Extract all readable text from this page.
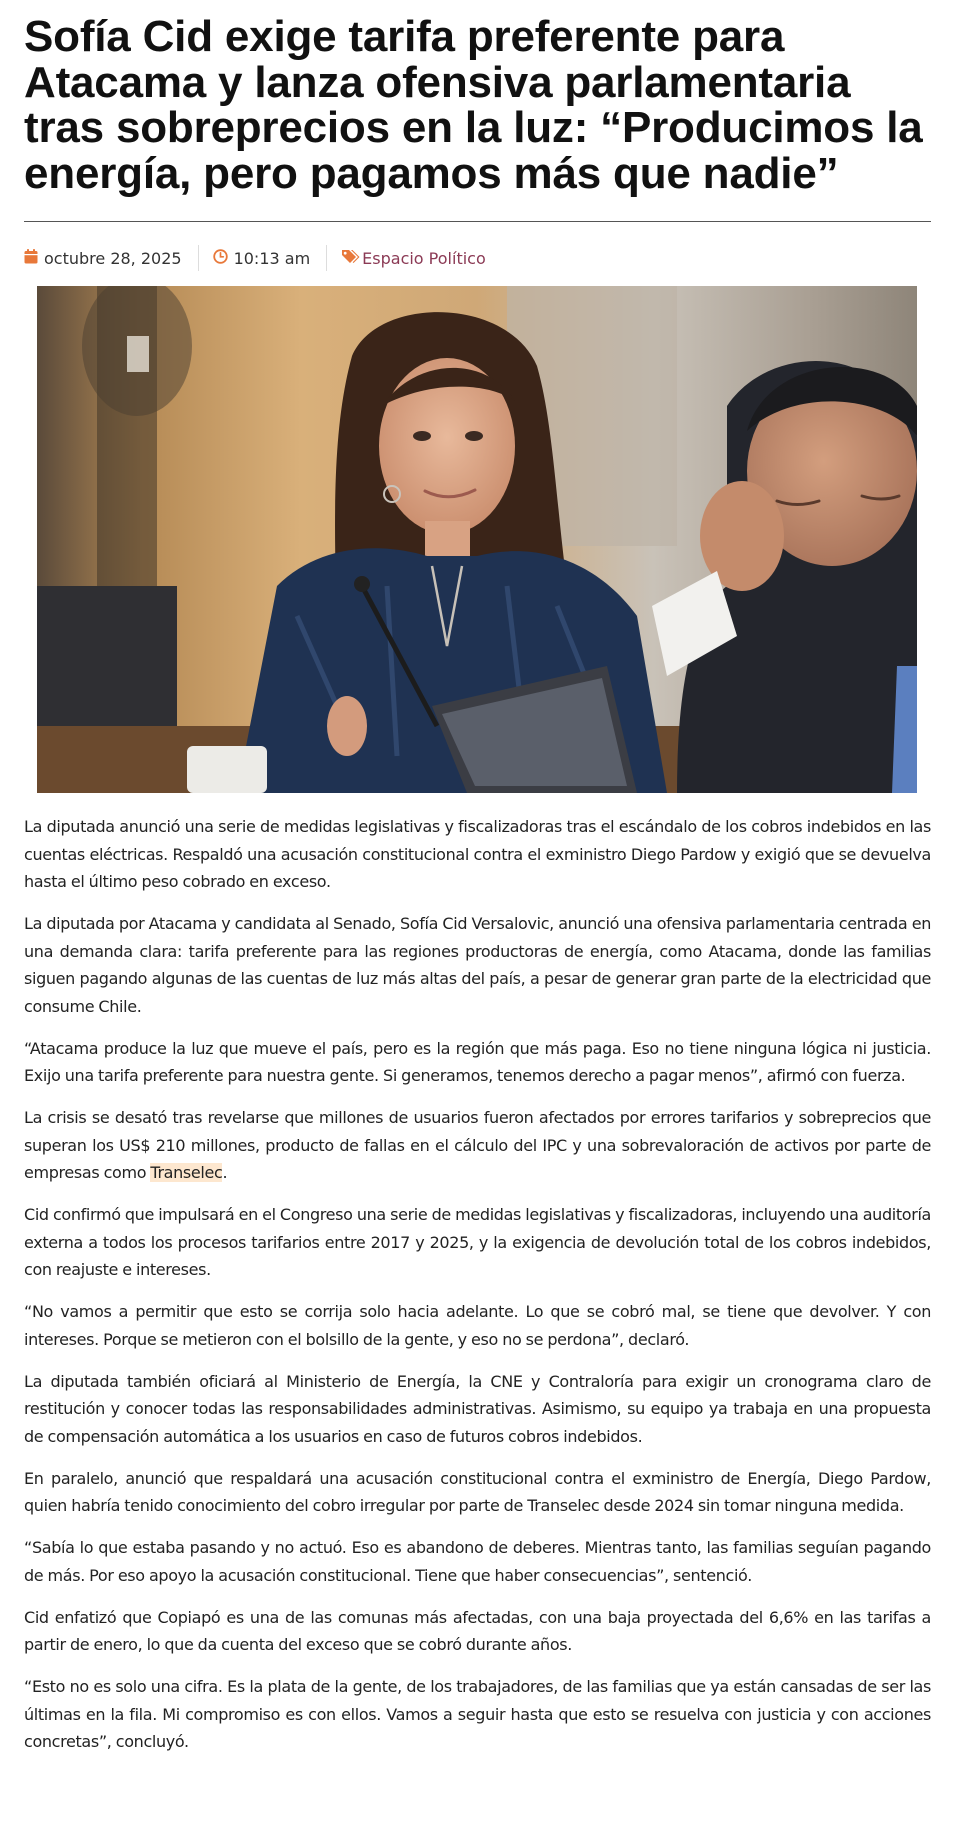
Sofía Cid exige tarifa preferente para Atacama y lanza ofensiva parlamentaria tras sobreprecios en la luz: “Producimos la energía, pero pagamos más que nadie”
octubre 28, 2025	10:13 am	Espacio Político

La diputada anunció una serie de medidas legislativas y fiscalizadoras tras el escándalo de los cobros indebidos en las cuentas eléctricas. Respaldó una acusación constitucional contra el exministro Diego Pardow y exigió que se devuelva hasta el último peso cobrado en exceso.

La diputada por Atacama y candidata al Senado, Sofía Cid Versalovic, anunció una ofensiva parlamentaria centrada en una demanda clara: tarifa preferente para las regiones productoras de energía, como Atacama, donde las familias siguen pagando algunas de las cuentas de luz más altas del país, a pesar de generar gran parte de la electricidad que consume Chile.

“Atacama produce la luz que mueve el país, pero es la región que más paga. Eso no tiene ninguna lógica ni justicia. Exijo una tarifa preferente para nuestra gente. Si generamos, tenemos derecho a pagar menos”, afirmó con fuerza.

La crisis se desató tras revelarse que millones de usuarios fueron afectados por errores tarifarios y sobreprecios que superan los US$ 210 millones, producto de fallas en el cálculo del IPC y una sobrevaloración de activos por parte de empresas como Transelec.

Cid confirmó que impulsará en el Congreso una serie de medidas legislativas y fiscalizadoras, incluyendo una auditoría externa a todos los procesos tarifarios entre 2017 y 2025, y la exigencia de devolución total de los cobros indebidos, con reajuste e intereses.

“No vamos a permitir que esto se corrija solo hacia adelante. Lo que se cobró mal, se tiene que devolver. Y con intereses. Porque se metieron con el bolsillo de la gente, y eso no se perdona”, declaró.

La diputada también oficiará al Ministerio de Energía, la CNE y Contraloría para exigir un cronograma claro de restitución y conocer todas las responsabilidades administrativas. Asimismo, su equipo ya trabaja en una propuesta de compensación automática a los usuarios en caso de futuros cobros indebidos.

En paralelo, anunció que respaldará una acusación constitucional contra el exministro de Energía, Diego Pardow, quien habría tenido conocimiento del cobro irregular por parte de Transelec desde 2024 sin tomar ninguna medida.

“Sabía lo que estaba pasando y no actuó. Eso es abandono de deberes. Mientras tanto, las familias seguían pagando de más. Por eso apoyo la acusación constitucional. Tiene que haber consecuencias”, sentenció.

Cid enfatizó que Copiapó es una de las comunas más afectadas, con una baja proyectada del 6,6% en las tarifas a partir de enero, lo que da cuenta del exceso que se cobró durante años.

“Esto no es solo una cifra. Es la plata de la gente, de los trabajadores, de las familias que ya están cansadas de ser las últimas en la fila. Mi compromiso es con ellos. Vamos a seguir hasta que esto se resuelva con justicia y con acciones concretas”, concluyó.
